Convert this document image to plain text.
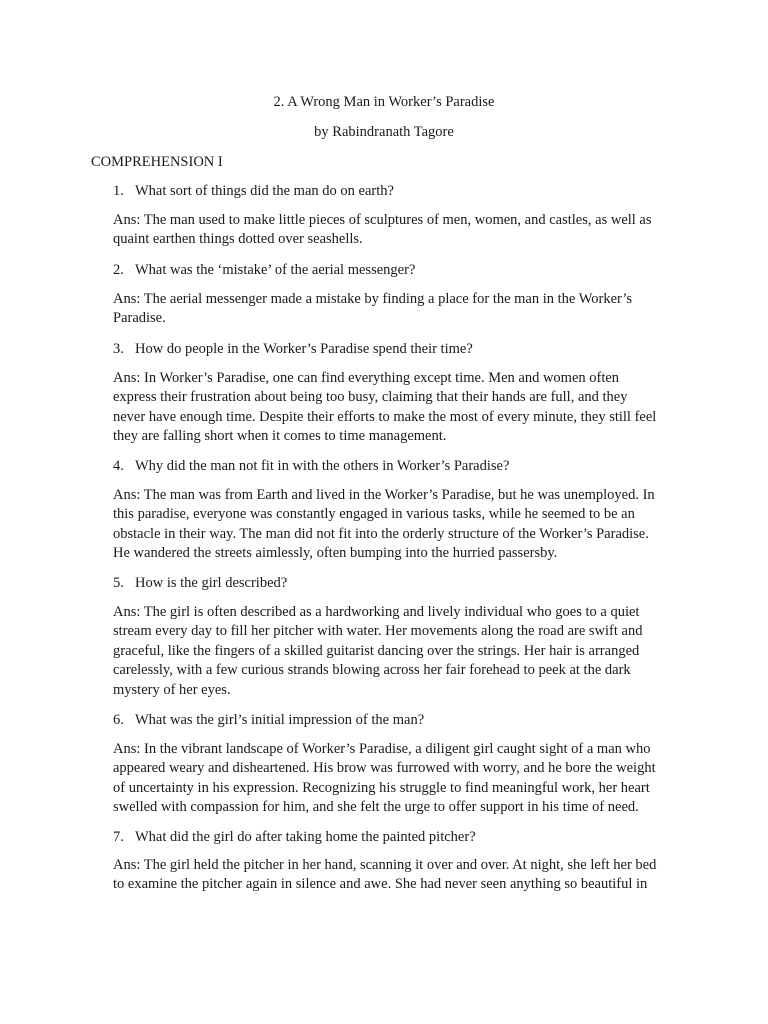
2. A Wrong Man in Worker’s Paradise
by Rabindranath Tagore
COMPREHENSION I
1. What sort of things did the man do on earth?
Ans: The man used to make little pieces of sculptures of men, women, and castles, as well as
quaint earthen things dotted over seashells.
2. What was the ‘mistake’ of the aerial messenger?
Ans: The aerial messenger made a mistake by finding a place for the man in the Worker’s
Paradise.
3. How do people in the Worker’s Paradise spend their time?
Ans: In Worker’s Paradise, one can find everything except time. Men and women often
express their frustration about being too busy, claiming that their hands are full, and they
never have enough time. Despite their efforts to make the most of every minute, they still feel
they are falling short when it comes to time management.
4. Why did the man not fit in with the others in Worker’s Paradise?
Ans: The man was from Earth and lived in the Worker’s Paradise, but he was unemployed. In
this paradise, everyone was constantly engaged in various tasks, while he seemed to be an
obstacle in their way. The man did not fit into the orderly structure of the Worker’s Paradise.
He wandered the streets aimlessly, often bumping into the hurried passersby.
5. How is the girl described?
Ans: The girl is often described as a hardworking and lively individual who goes to a quiet
stream every day to fill her pitcher with water. Her movements along the road are swift and
graceful, like the fingers of a skilled guitarist dancing over the strings. Her hair is arranged
carelessly, with a few curious strands blowing across her fair forehead to peek at the dark
mystery of her eyes.
6. What was the girl’s initial impression of the man?
Ans: In the vibrant landscape of Worker’s Paradise, a diligent girl caught sight of a man who
appeared weary and disheartened. His brow was furrowed with worry, and he bore the weight
of uncertainty in his expression. Recognizing his struggle to find meaningful work, her heart
swelled with compassion for him, and she felt the urge to offer support in his time of need.
7. What did the girl do after taking home the painted pitcher?
Ans: The girl held the pitcher in her hand, scanning it over and over. At night, she left her bed
to examine the pitcher again in silence and awe. She had never seen anything so beautiful in
